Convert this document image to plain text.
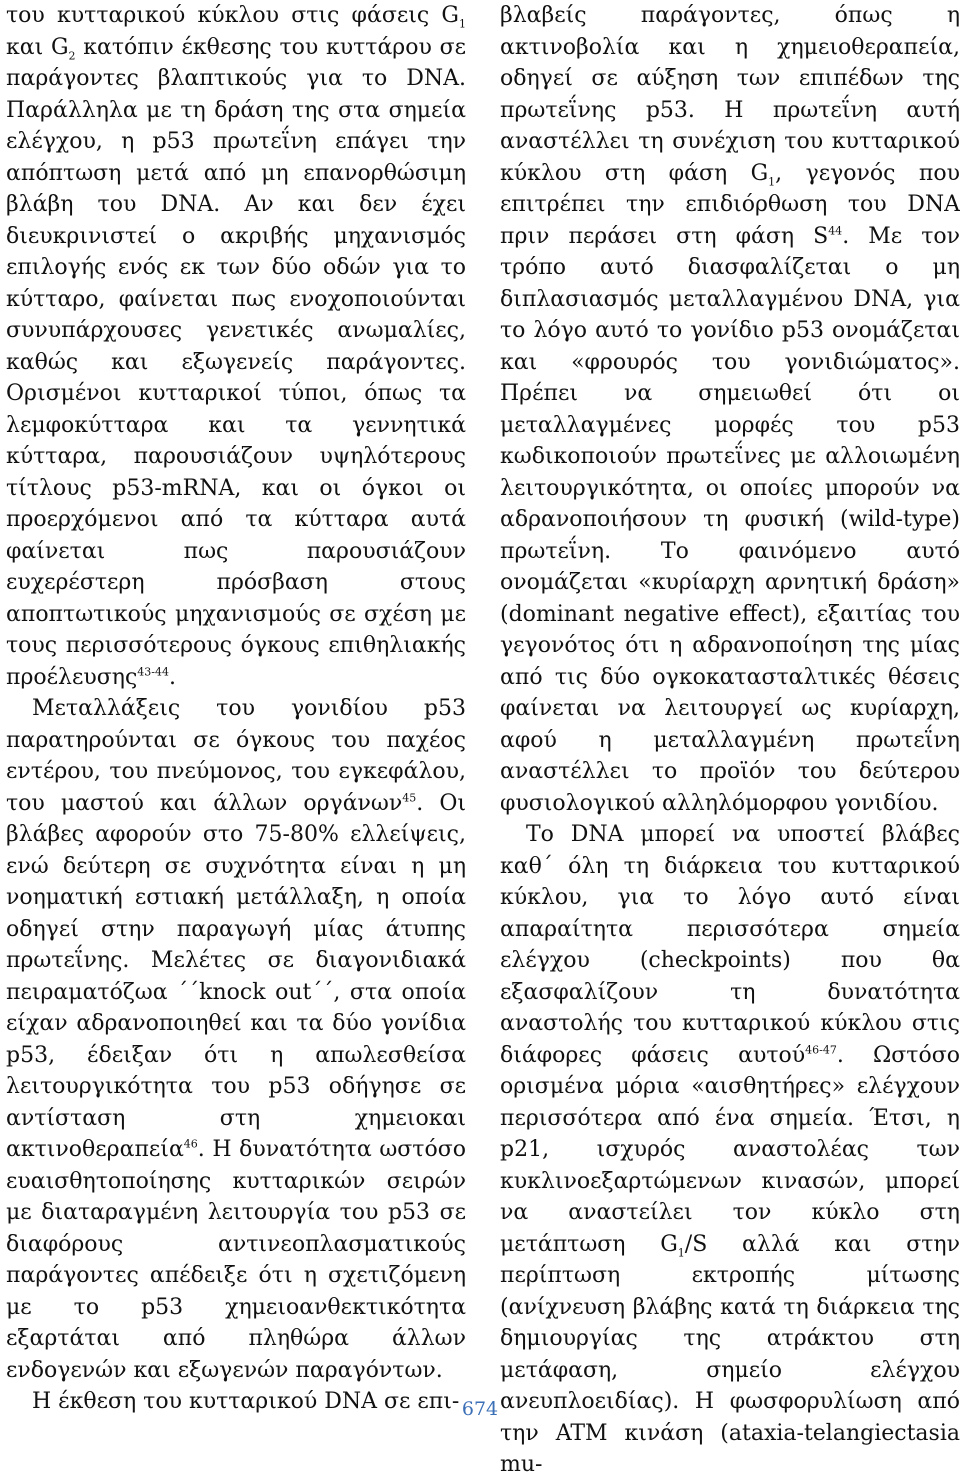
του κυτταρικού κύκλου στις φάσεις $G_1$ και $G_2$ κατόπιν έκθεσης του κυττάρου σε παράγοντες βλαπτικούς για το DNA. Παράλληλα με τη δράση της στα σημεία ελέγχου, η p53 πρωτεΐνη επάγει την απόπτωση μετά από μη επανορθώσιμη βλάβη του DNA. Αν και δεν έχει διευκρινιστεί ο ακριβής μηχανισμός επιλογής ενός εκ των δύο οδών για το κύτταρο, φαίνεται πως ενοχοποιούνται συνυπάρχουσες γενετικές ανωμαλίες, καθώς και εξωγενείς παράγοντες. Ορισμένοι κυτταρικοί τύποι, όπως τα λεμφοκύτταρα και τα γεννητικά κύτταρα, παρουσιάζουν υψηλότερους τίτλους p53-mRNA, και οι όγκοι οι προερχόμενοι από τα κύτταρα αυτά φαίνεται πως παρουσιάζουν ευχερέστερη πρόσβαση στους αποπτωτικούς μηχανισμούς σε σχέση με τους περισσότερους όγκους επιθηλιακής προέλευσης$^{43-44}$.

Μεταλλάξεις του γονιδίου p53 παρατηρούνται σε όγκους του παχέος εντέρου, του πνεύμονος, του εγκεφάλου, του μαστού και άλλων οργάνων$^{45}$. Οι βλάβες αφορούν στο 75-80% ελλείψεις, ενώ δεύτερη σε συχνότητα είναι η μη νοηματική εστιακή μετάλλαξη, η οποία οδηγεί στην παραγωγή μίας άτυπης πρωτεΐνης. Μελέτες σε διαγονιδιακά πειραματόζωα ΄΄knock out΄΄, στα οποία είχαν αδρανοποιηθεί και τα δύο γονίδια p53, έδειξαν ότι η απωλεσθείσα λειτουργικότητα του p53 οδήγησε σε αντίσταση στη χημειοκαι ακτινοθεραπεία$^{46}$. Η δυνατότητα ωστόσο ευαισθητοποίησης κυτταρικών σειρών με διαταραγμένη λειτουργία του p53 σε διαφόρους αντινεοπλασματικούς παράγοντες απέδειξε ότι η σχετιζόμενη με το p53 χημειοανθεκτικότητα εξαρτάται από πληθώρα άλλων ενδογενών και εξωγενών παραγόντων.

Η έκθεση του κυτταρικού DNA σε επι-

βλαβείς παράγοντες, όπως η ακτινοβολία και η χημειοθεραπεία, οδηγεί σε αύξηση των επιπέδων της πρωτεΐνης p53. Η πρωτεΐνη αυτή αναστέλλει τη συνέχιση του κυτταρικού κύκλου στη φάση $G_1$, γεγονός που επιτρέπει την επιδιόρθωση του DNA πριν περάσει στη φάση $S^{44}$. Με τον τρόπο αυτό διασφαλίζεται ο μη διπλασιασμός μεταλλαγμένου DNA, για το λόγο αυτό το γονίδιο p53 ονομάζεται και «φρουρός του γονιδιώματος». Πρέπει να σημειωθεί ότι οι μεταλλαγμένες μορφές του p53 κωδικοποιούν πρωτεΐνες με αλλοιωμένη λειτουργικότητα, οι οποίες μπορούν να αδρανοποιήσουν τη φυσική (wild-type) πρωτεΐνη. Το φαινόμενο αυτό ονομάζεται «κυρίαρχη αρνητική δράση» (dominant negative effect), εξαιτίας του γεγονότος ότι η αδρανοποίηση της μίας από τις δύο ογκοκατασταλτικές θέσεις φαίνεται να λειτουργεί ως κυρίαρχη, αφού η μεταλλαγμένη πρωτεΐνη αναστέλλει το προϊόν του δεύτερου φυσιολογικού αλληλόμορφου γονιδίου.

Το DNA μπορεί να υποστεί βλάβες καθ΄ όλη τη διάρκεια του κυτταρικού κύκλου, για το λόγο αυτό είναι απαραίτητα περισσότερα σημεία ελέγχου (checkpoints) που θα εξασφαλίζουν τη δυνατότητα αναστολής του κυτταρικού κύκλου στις διάφορες φάσεις αυτού$^{46-47}$. Ωστόσο ορισμένα μόρια «αισθητήρες» ελέγχουν περισσότερα από ένα σημεία. Έτσι, η p21, ισχυρός αναστολέας των κυκλινοεξαρτώμενων κινασών, μπορεί να αναστείλει τον κύκλο στη μετάπτωση $G_1/S$ αλλά και στην περίπτωση εκτροπής μίτωσης (ανίχνευση βλάβης κατά τη διάρκεια της δημιουργίας της ατράκτου στη μετάφαση, σημείο ελέγχου ανευπλοειδίας). Η φωσφορυλίωση από την ATM κινάση (ataxia-telangiectasia mu-

674
